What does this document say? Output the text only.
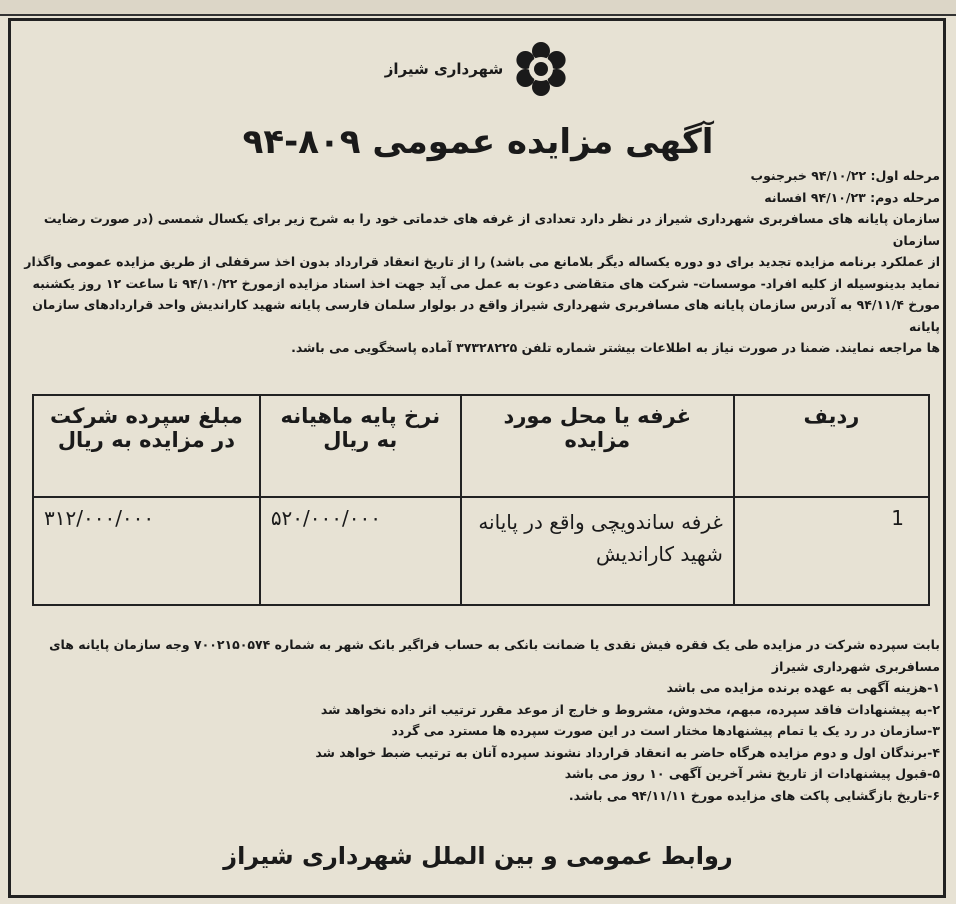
شهرداری شیراز
آگهی مزایده عمومی ۸۰۹-۹۴

مرحله اول: ۹۴/۱۰/۲۲ خبرجنوب

مرحله دوم: ۹۴/۱۰/۲۳ افسانه

سازمان پایانه های مسافربری شهرداری شیراز در نظر دارد تعدادی از غرفه های خدماتی خود را به شرح زیر برای یکسال شمسی (در صورت رضایت سازمان

از عملکرد برنامه مزایده تجدید برای دو دوره یکساله دیگر بلامانع می باشد) را از تاریخ انعقاد قرارداد بدون اخذ سرقفلی از طریق مزایده عمومی واگذار

نماید بدینوسیله از کلیه افراد- موسسات- شرکت های متقاضی دعوت به عمل می آید جهت اخذ اسناد مزایده ازمورخ ۹۴/۱۰/۲۲ تا ساعت ۱۲ روز یکشنبه

مورخ ۹۴/۱۱/۴ به آدرس سازمان پایانه های مسافربری شهرداری شیراز واقع در بولوار سلمان فارسی پایانه شهید کاراندیش واحد قراردادهای سازمان پایانه

ها مراجعه نمایند. ضمنا در صورت نیاز به اطلاعات بیشتر شماره تلفن ۳۷۳۲۸۲۲۵ آماده پاسخگویی می باشد.

ردیف	غرفه یا محل مورد مزایده	نرخ پایه ماهیانه به ریال	مبلغ سپرده شرکت در مزایده به ریال
1	غرفه ساندویچی واقع در پایانه شهید کاراندیش	۵۲۰/۰۰۰/۰۰۰	۳۱۲/۰۰۰/۰۰۰

بابت سپرده شرکت در مزایده طی یک فقره فیش نقدی یا ضمانت بانکی به حساب فراگیر بانک شهر به شماره ۷۰۰۲۱۵۰۵۷۴ وجه سازمان پایانه های

مسافربری شهرداری شیراز

۱-هزینه آگهی به عهده برنده مزایده می باشد

۲-به پیشنهادات فاقد سپرده، مبهم، مخدوش، مشروط و خارج از موعد مقرر ترتیب اثر داده نخواهد شد

۳-سازمان در رد یک یا تمام پیشنهادها مختار است در این صورت سپرده ها مسترد می گردد

۴-برندگان اول و دوم مزایده هرگاه حاضر به انعقاد قرارداد نشوند سپرده آنان به ترتیب ضبط خواهد شد

۵-قبول پیشنهادات از تاریخ نشر آخرین آگهی ۱۰ روز می باشد

۶-تاریخ بازگشایی پاکت های مزایده مورخ ۹۴/۱۱/۱۱ می باشد.

روابط عمومی و بین الملل شهرداری شیراز
